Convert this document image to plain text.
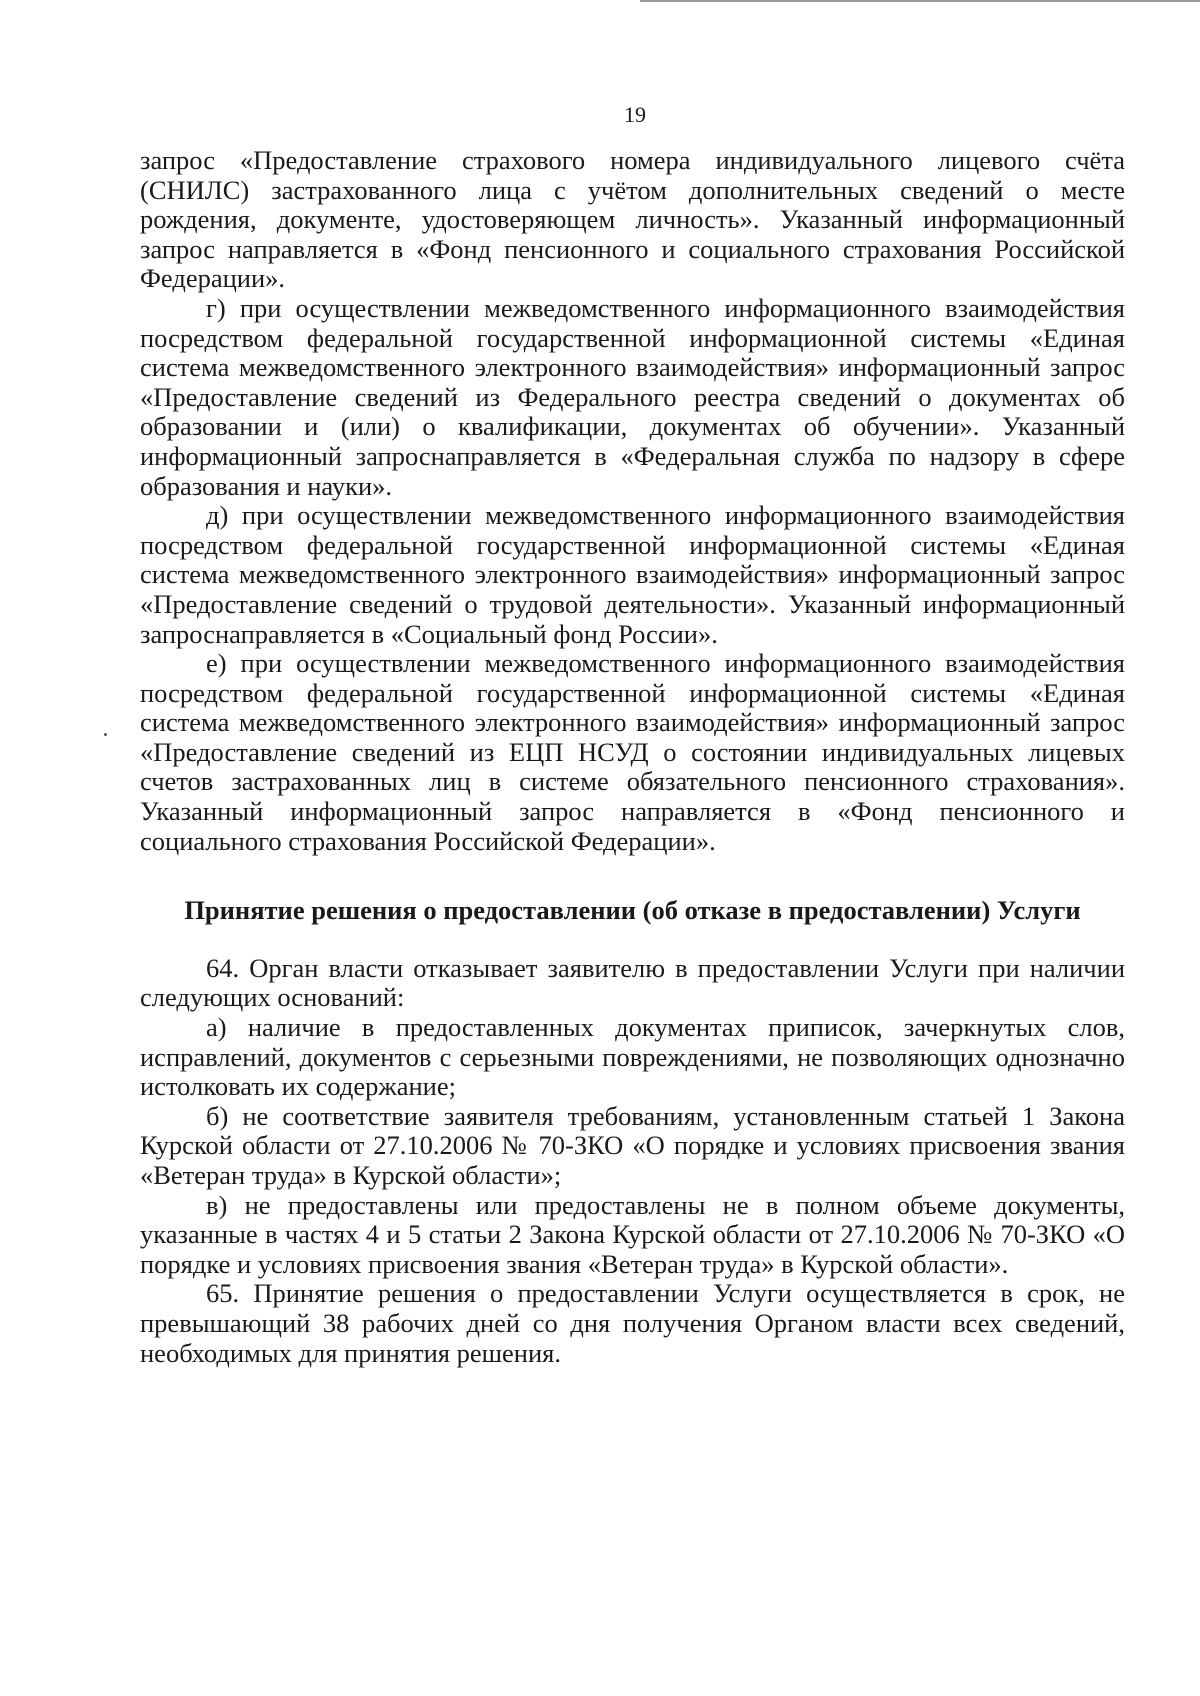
19

запрос «Предоставление страхового номера индивидуального лицевого счёта (СНИЛС) застрахованного лица с учётом дополнительных сведений о месте рождения, документе, удостоверяющем личность». Указанный информационный запрос направляется в «Фонд пенсионного и социального страхования Российской Федерации».

г) при осуществлении межведомственного информационного взаимодействия посредством федеральной государственной информационной системы «Единая система межведомственного электронного взаимодействия» информационный запрос «Предоставление сведений из Федерального реестра сведений о документах об образовании и (или) о квалификации, документах об обучении». Указанный информационный запроснаправляется в «Федеральная служба по надзору в сфере образования и науки».

д) при осуществлении межведомственного информационного взаимодействия посредством федеральной государственной информационной системы «Единая система межведомственного электронного взаимодействия» информационный запрос «Предоставление сведений о трудовой деятельности». Указанный информационный запроснаправляется в «Социальный фонд России».

е) при осуществлении межведомственного информационного взаимодействия посредством федеральной государственной информационной системы «Единая система межведомственного электронного взаимодействия» информационный запрос «Предоставление сведений из ЕЦП НСУД о состоянии индивидуальных лицевых счетов застрахованных лиц в системе обязательного пенсионного страхования». Указанный информационный запрос направляется в «Фонд пенсионного и социального страхования Российской Федерации».

Принятие решения о предоставлении (об отказе в предоставлении) Услуги

64. Орган власти отказывает заявителю в предоставлении Услуги при наличии следующих оснований:

а) наличие в предоставленных документах приписок, зачеркнутых слов, исправлений, документов с серьезными повреждениями, не позволяющих однозначно истолковать их содержание;

б) не соответствие заявителя требованиям, установленным статьей 1 Закона Курской области от 27.10.2006 № 70-ЗКО «О порядке и условиях присвоения звания «Ветеран труда» в Курской области»;

в) не предоставлены или предоставлены не в полном объеме документы, указанные в частях 4 и 5 статьи 2 Закона Курской области от 27.10.2006 № 70-ЗКО «О порядке и условиях присвоения звания «Ветеран труда» в Курской области».

65. Принятие решения о предоставлении Услуги осуществляется в срок, не превышающий 38 рабочих дней со дня получения Органом власти всех сведений, необходимых для принятия решения.
